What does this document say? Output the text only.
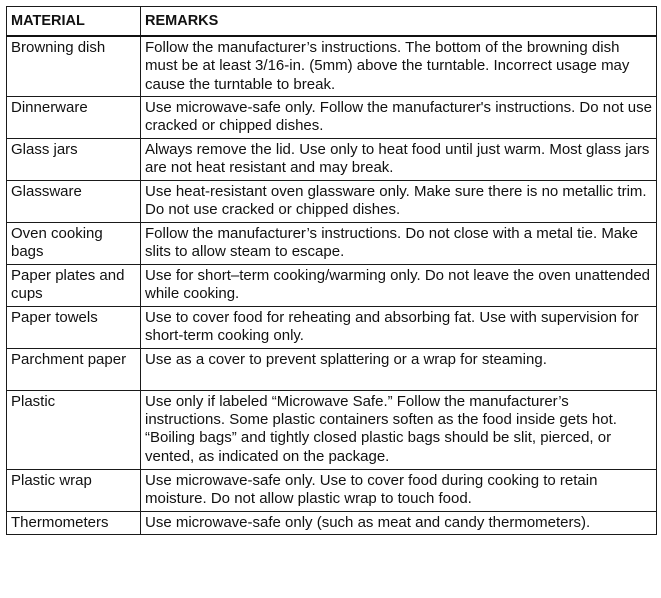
MATERIAL	REMARKS
Browning dish	Follow the manufacturer’s instructions. The bottom of the browning dish must be at least 3/16-in. (5mm) above the turntable. Incorrect usage may cause the turntable to break.
Dinnerware	Use microwave-safe only. Follow the manufacturer's instructions. Do not use cracked or chipped dishes.
Glass jars	Always remove the lid. Use only to heat food until just warm. Most glass jars are not heat resistant and may break.
Glassware	Use heat-resistant oven glassware only. Make sure there is no metallic trim. Do not use cracked or chipped dishes.
Oven cooking bags	Follow the manufacturer’s instructions. Do not close with a metal tie. Make slits to allow steam to escape.
Paper plates and cups	Use for short–term cooking/warming only. Do not leave the oven unattended while cooking.
Paper towels	Use to cover food for reheating and absorbing fat. Use with supervision for short-term cooking only.
Parchment paper	Use as a cover to prevent splattering or a wrap for steaming.
Plastic	Use only if labeled “Microwave Safe.” Follow the manufacturer’s instructions. Some plastic containers soften as the food inside gets hot. “Boiling bags” and tightly closed plastic bags should be slit, pierced, or vented, as indicated on the package.
Plastic wrap	Use microwave-safe only. Use to cover food during cooking to retain moisture. Do not allow plastic wrap to touch food.
Thermometers	Use microwave-safe only (such as meat and candy thermometers).
